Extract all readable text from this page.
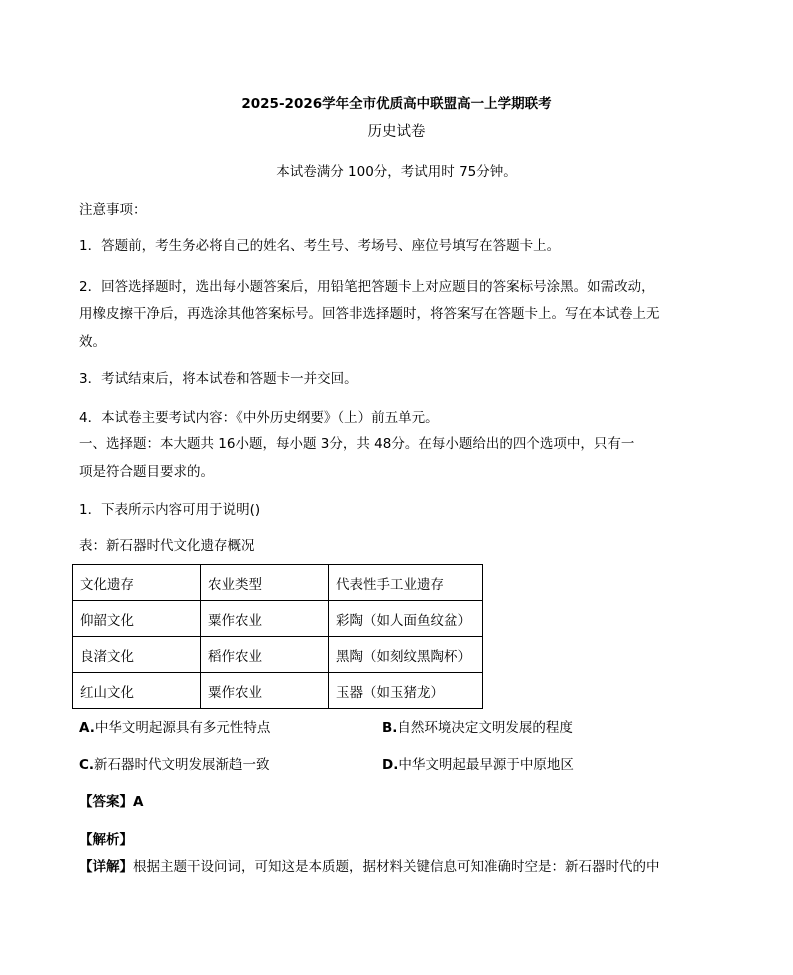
2025-2026学年全市优质高中联盟高一上学期联考
历史试卷
本试卷满分 100分，考试用时 75分钟。
注意事项：
1．答题前，考生务必将自己的姓名、考生号、考场号、座位号填写在答题卡上。
2．回答选择题时，选出每小题答案后，用铅笔把答题卡上对应题目的答案标号涂黑。如需改动，
用橡皮擦干净后，再选涂其他答案标号。回答非选择题时，将答案写在答题卡上。写在本试卷上无
效。
3．考试结束后，将本试卷和答题卡一并交回。
4．本试卷主要考试内容：《中外历史纲要》（上）前五单元。
一、选择题：本大题共 16小题，每小题 3分，共 48分。在每小题给出的四个选项中，只有一
项是符合题目要求的。
1．下表所示内容可用于说明()
表：新石器时代文化遗存概况
文化遗存	农业类型	代表性手工业遗存
仰韶文化	粟作农业	彩陶（如人面鱼纹盆）
良渚文化	稻作农业	黑陶（如刻纹黑陶杯）
红山文化	粟作农业	玉器（如玉猪龙）
A.中华文明起源具有多元性特点	B.自然环境决定文明发展的程度
C.新石器时代文明发展渐趋一致	D.中华文明起最早源于中原地区
【答案】A
【解析】
【详解】根据主题干设问词，可知这是本质题，据材料关键信息可知准确时空是：新石器时代的中
